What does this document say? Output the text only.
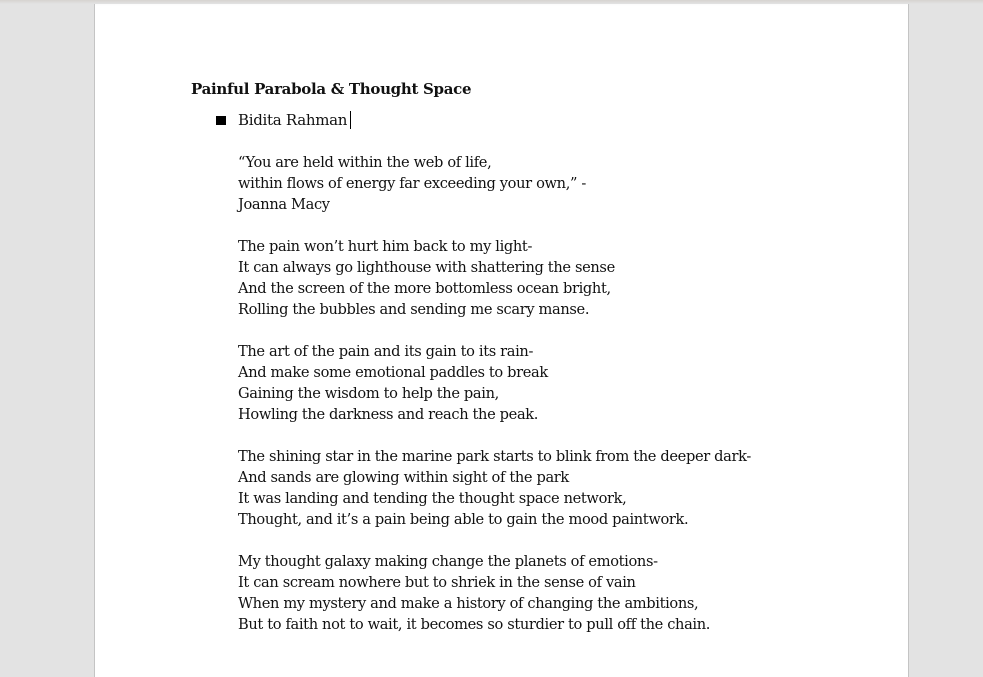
Painful Parabola & Thought Space
Bidita Rahman
“You are held within the web of life,
within flows of energy far exceeding your own,” -
Joanna Macy
The pain won’t hurt him back to my light-
It can always go lighthouse with shattering the sense
And the screen of the more bottomless ocean bright,
Rolling the bubbles and sending me scary manse.
The art of the pain and its gain to its rain-
And make some emotional paddles to break
Gaining the wisdom to help the pain,
Howling the darkness and reach the peak.
The shining star in the marine park starts to blink from the deeper dark-
And sands are glowing within sight of the park
It was landing and tending the thought space network,
Thought, and it’s a pain being able to gain the mood paintwork.
My thought galaxy making change the planets of emotions-
It can scream nowhere but to shriek in the sense of vain
When my mystery and make a history of changing the ambitions,
But to faith not to wait, it becomes so sturdier to pull off the chain.
